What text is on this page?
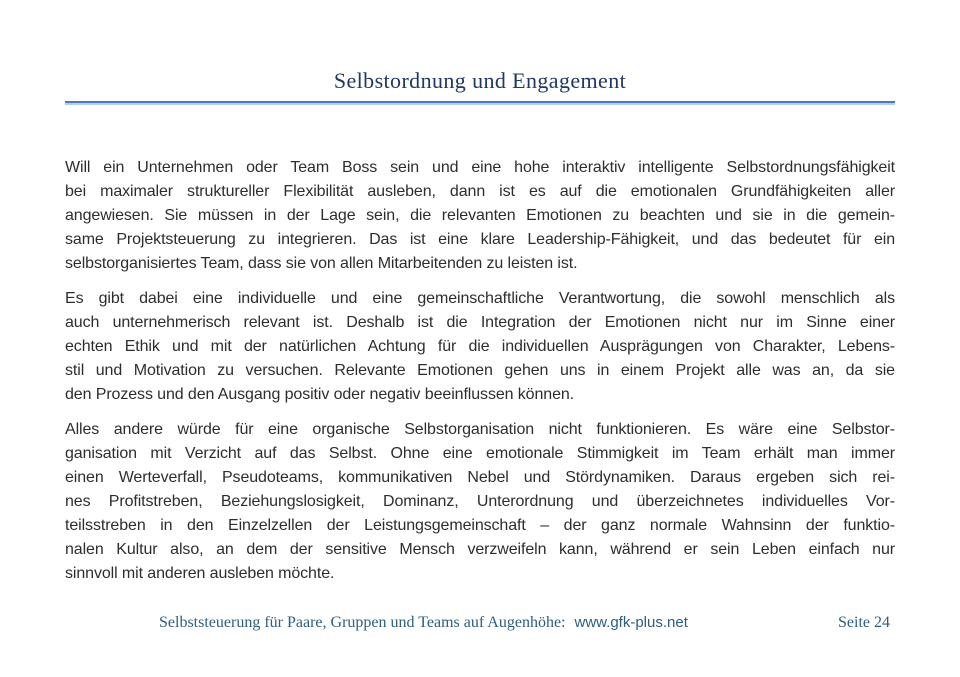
Selbstordnung und Engagement
Will ein Unternehmen oder Team Boss sein und eine hohe interaktiv intelligente Selbstordnungsfähigkeit
bei maximaler struktureller Flexibilität ausleben, dann ist es auf die emotionalen Grundfähigkeiten aller
angewiesen. Sie müssen in der Lage sein, die relevanten Emotionen zu beachten und sie in die gemein-
same Projektsteuerung zu integrieren. Das ist eine klare Leadership-Fähigkeit, und das bedeutet für ein
selbstorganisiertes Team, dass sie von allen Mitarbeitenden zu leisten ist.
Es gibt dabei eine individuelle und eine gemeinschaftliche Verantwortung, die sowohl menschlich als
auch unternehmerisch relevant ist. Deshalb ist die Integration der Emotionen nicht nur im Sinne einer
echten Ethik und mit der natürlichen Achtung für die individuellen Ausprägungen von Charakter, Lebens-
stil und Motivation zu versuchen. Relevante Emotionen gehen uns in einem Projekt alle was an, da sie
den Prozess und den Ausgang positiv oder negativ beeinflussen können.
Alles andere würde für eine organische Selbstorganisation nicht funktionieren. Es wäre eine Selbstor-
ganisation mit Verzicht auf das Selbst. Ohne eine emotionale Stimmigkeit im Team erhält man immer
einen Werteverfall, Pseudoteams, kommunikativen Nebel und Stördynamiken. Daraus ergeben sich rei-
nes Profitstreben, Beziehungslosigkeit, Dominanz, Unterordnung und überzeichnetes individuelles Vor-
teilsstreben in den Einzelzellen der Leistungsgemeinschaft – der ganz normale Wahnsinn der funktio-
nalen Kultur also, an dem der sensitive Mensch verzweifeln kann, während er sein Leben einfach nur
sinnvoll mit anderen ausleben möchte.
Selbststeuerung für Paare, Gruppen und Teams auf Augenhöhe: www.gfk-plus.net	Seite 24
